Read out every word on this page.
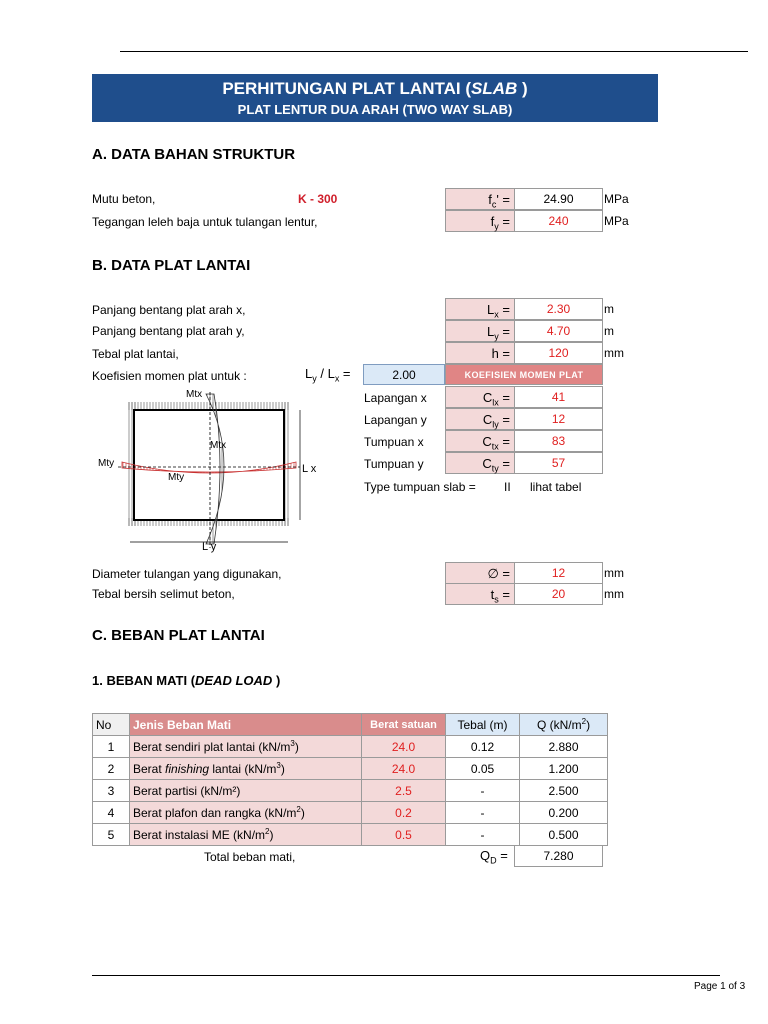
PERHITUNGAN PLAT LANTAI (SLAB )
PLAT LENTUR DUA ARAH (TWO WAY SLAB)
A. DATA BAHAN STRUKTUR
Mutu beton,	K - 300	$f_c'$ =	24.90	MPa
Tegangan leleh baja untuk tulangan lentur,	$f_y$ =	240	MPa
B. DATA PLAT LANTAI
Panjang bentang plat arah x,	$L_x$ =	2.30	m
Panjang bentang plat arah y,	$L_y$ =	4.70	m
Tebal plat lantai,	h =	120	mm
Koefisien momen plat untuk :	$L_y / L_x$ =	2.00	KOEFISIEN MOMEN PLAT
Lapangan x	$C_{lx}$ =	41
Lapangan y	$C_{ly}$ =	12
Tumpuan x	$C_{tx}$ =	83
Tumpuan y	$C_{ty}$ =	57
Type tumpuan slab = II lihat tabel
Mtx
Mtx
Mty
Mty
L x
L y
Diameter tulangan yang digunakan,	∅ =	12	mm
Tebal bersih selimut beton,	$t_s$ =	20	mm
C. BEBAN PLAT LANTAI
1. BEBAN MATI (DEAD LOAD )
No	Jenis Beban Mati	Berat satuan	Tebal (m)	Q $(kN/m^2)$
1	Berat sendiri plat lantai $(kN/m^3)$	24.0	0.12	2.880
2	Berat finishing lantai $(kN/m^3)$	24.0	0.05	1.200
3	Berat partisi (kN/m²)	2.5	-	2.500
4	Berat plafon dan rangka $(kN/m^2)$	0.2	-	0.200
5	Berat instalasi ME $(kN/m^2)$	0.5	-	0.500
Total beban mati,	$Q_D$ =	7.280
Page 1 of 3
